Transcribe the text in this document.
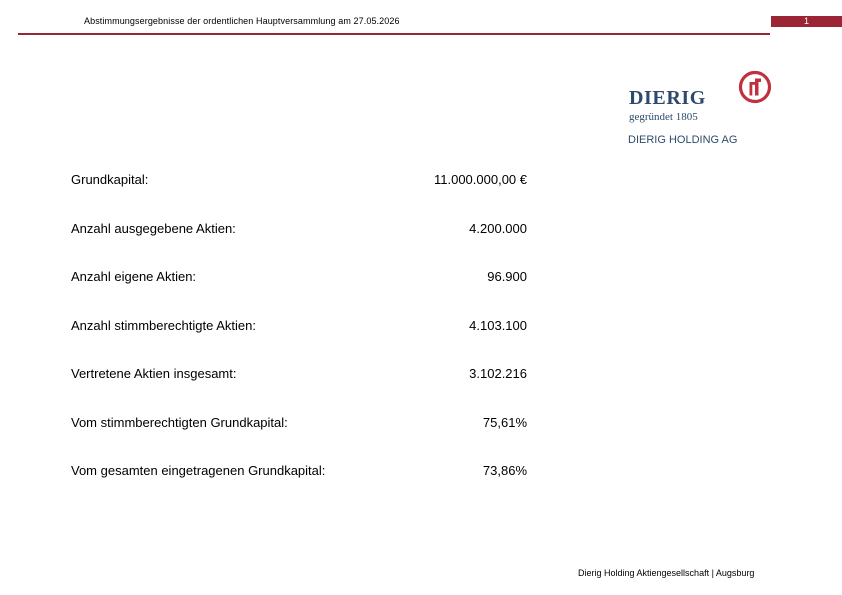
Abstimmungsergebnisse der ordentlichen Hauptversammlung am 27.05.2026	1
DIERIG
gegründet 1805
DIERIG HOLDING AG
Grundkapital:	11.000.000,00 €
Anzahl ausgegebene Aktien:	4.200.000
Anzahl eigene Aktien:	96.900
Anzahl stimmberechtigte Aktien:	4.103.100
Vertretene Aktien insgesamt:	3.102.216
Vom stimmberechtigten Grundkapital:	75,61%
Vom gesamten eingetragenen Grundkapital:	73,86%
Dierig Holding Aktiengesellschaft | Augsburg
